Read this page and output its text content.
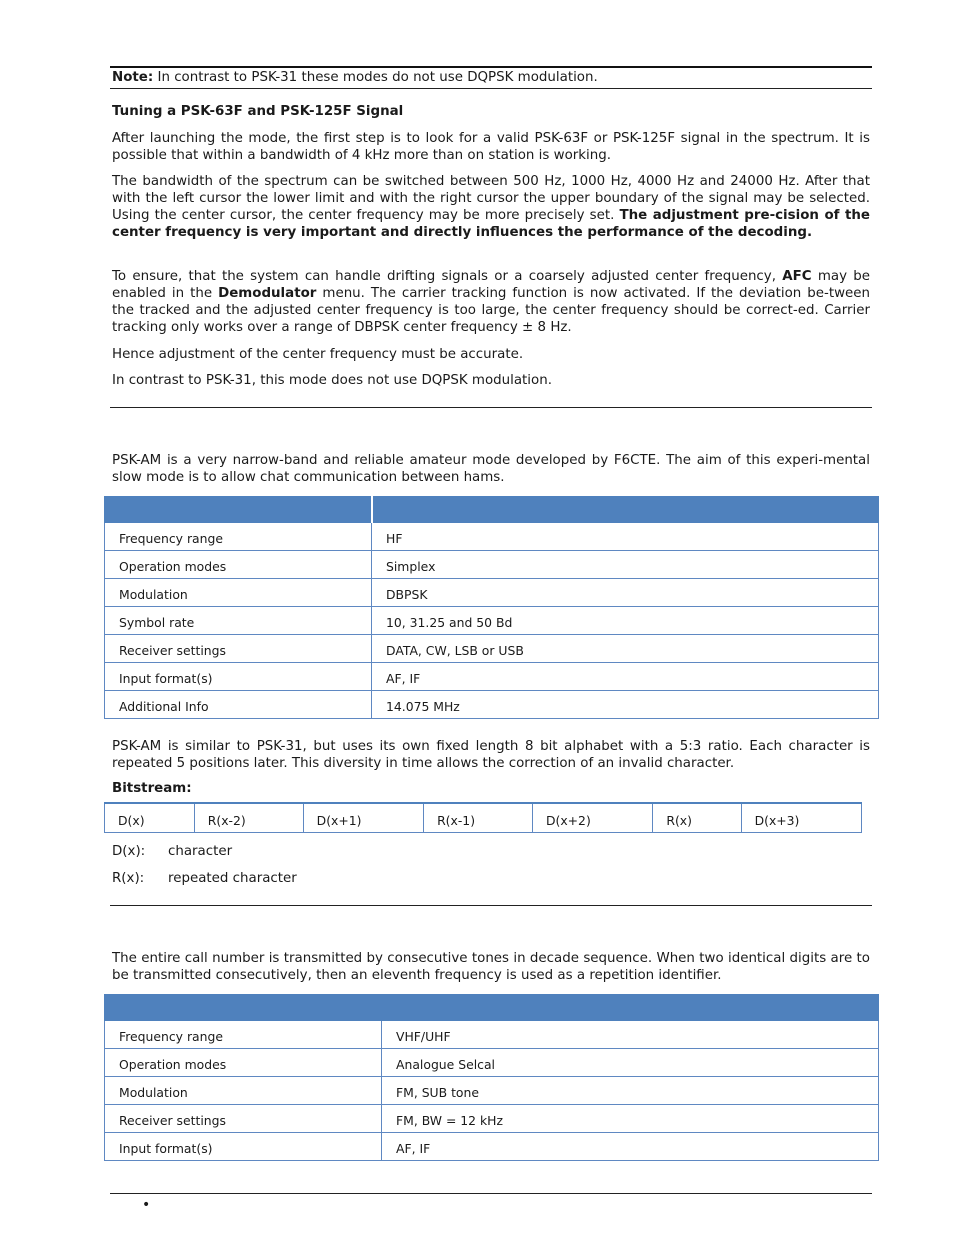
Note: In contrast to PSK-31 these modes do not use DQPSK modulation.
Tuning a PSK-63F and PSK-125F Signal
After launching the mode, the first step is to look for a valid PSK-63F or PSK-125F signal in the spectrum. It is possible that within a bandwidth of 4 kHz more than on station is working.
The bandwidth of the spectrum can be switched between 500 Hz, 1000 Hz, 4000 Hz and 24000 Hz. After that with the left cursor the lower limit and with the right cursor the upper boundary of the signal may be selected. Using the center cursor, the center frequency may be more precisely set. The adjustment pre-cision of the center frequency is very important and directly influences the performance of the decoding.
To ensure, that the system can handle drifting signals or a coarsely adjusted center frequency, AFC may be enabled in the Demodulator menu. The carrier tracking function is now activated. If the deviation be-tween the tracked and the adjusted center frequency is too large, the center frequency should be correct-ed. Carrier tracking only works over a range of DBPSK center frequency ± 8 Hz.
Hence adjustment of the center frequency must be accurate.
In contrast to PSK-31, this mode does not use DQPSK modulation.
PSK-AM is a very narrow-band and reliable amateur mode developed by F6CTE. The aim of this experi-mental slow mode is to allow chat communication between hams.

Frequency range	HF
Operation modes	Simplex
Modulation	DBPSK
Symbol rate	10, 31.25 and 50 Bd
Receiver settings	DATA, CW, LSB or USB
Input format(s)	AF, IF
Additional Info	14.075 MHz
PSK-AM is similar to PSK-31, but uses its own fixed length 8 bit alphabet with a 5:3 ratio. Each character is repeated 5 positions later. This diversity in time allows the correction of an invalid character.
Bitstream:
D(x)	R(x-2)	D(x+1)	R(x-1)	D(x+2)	R(x)	D(x+3)
D(x): character
R(x): repeated character
The entire call number is transmitted by consecutive tones in decade sequence. When two identical digits are to be transmitted consecutively, then an eleventh frequency is used as a repetition identifier.

Frequency range	VHF/UHF
Operation modes	Analogue Selcal
Modulation	FM, SUB tone
Receiver settings	FM, BW = 12 kHz
Input format(s)	AF, IF
•
